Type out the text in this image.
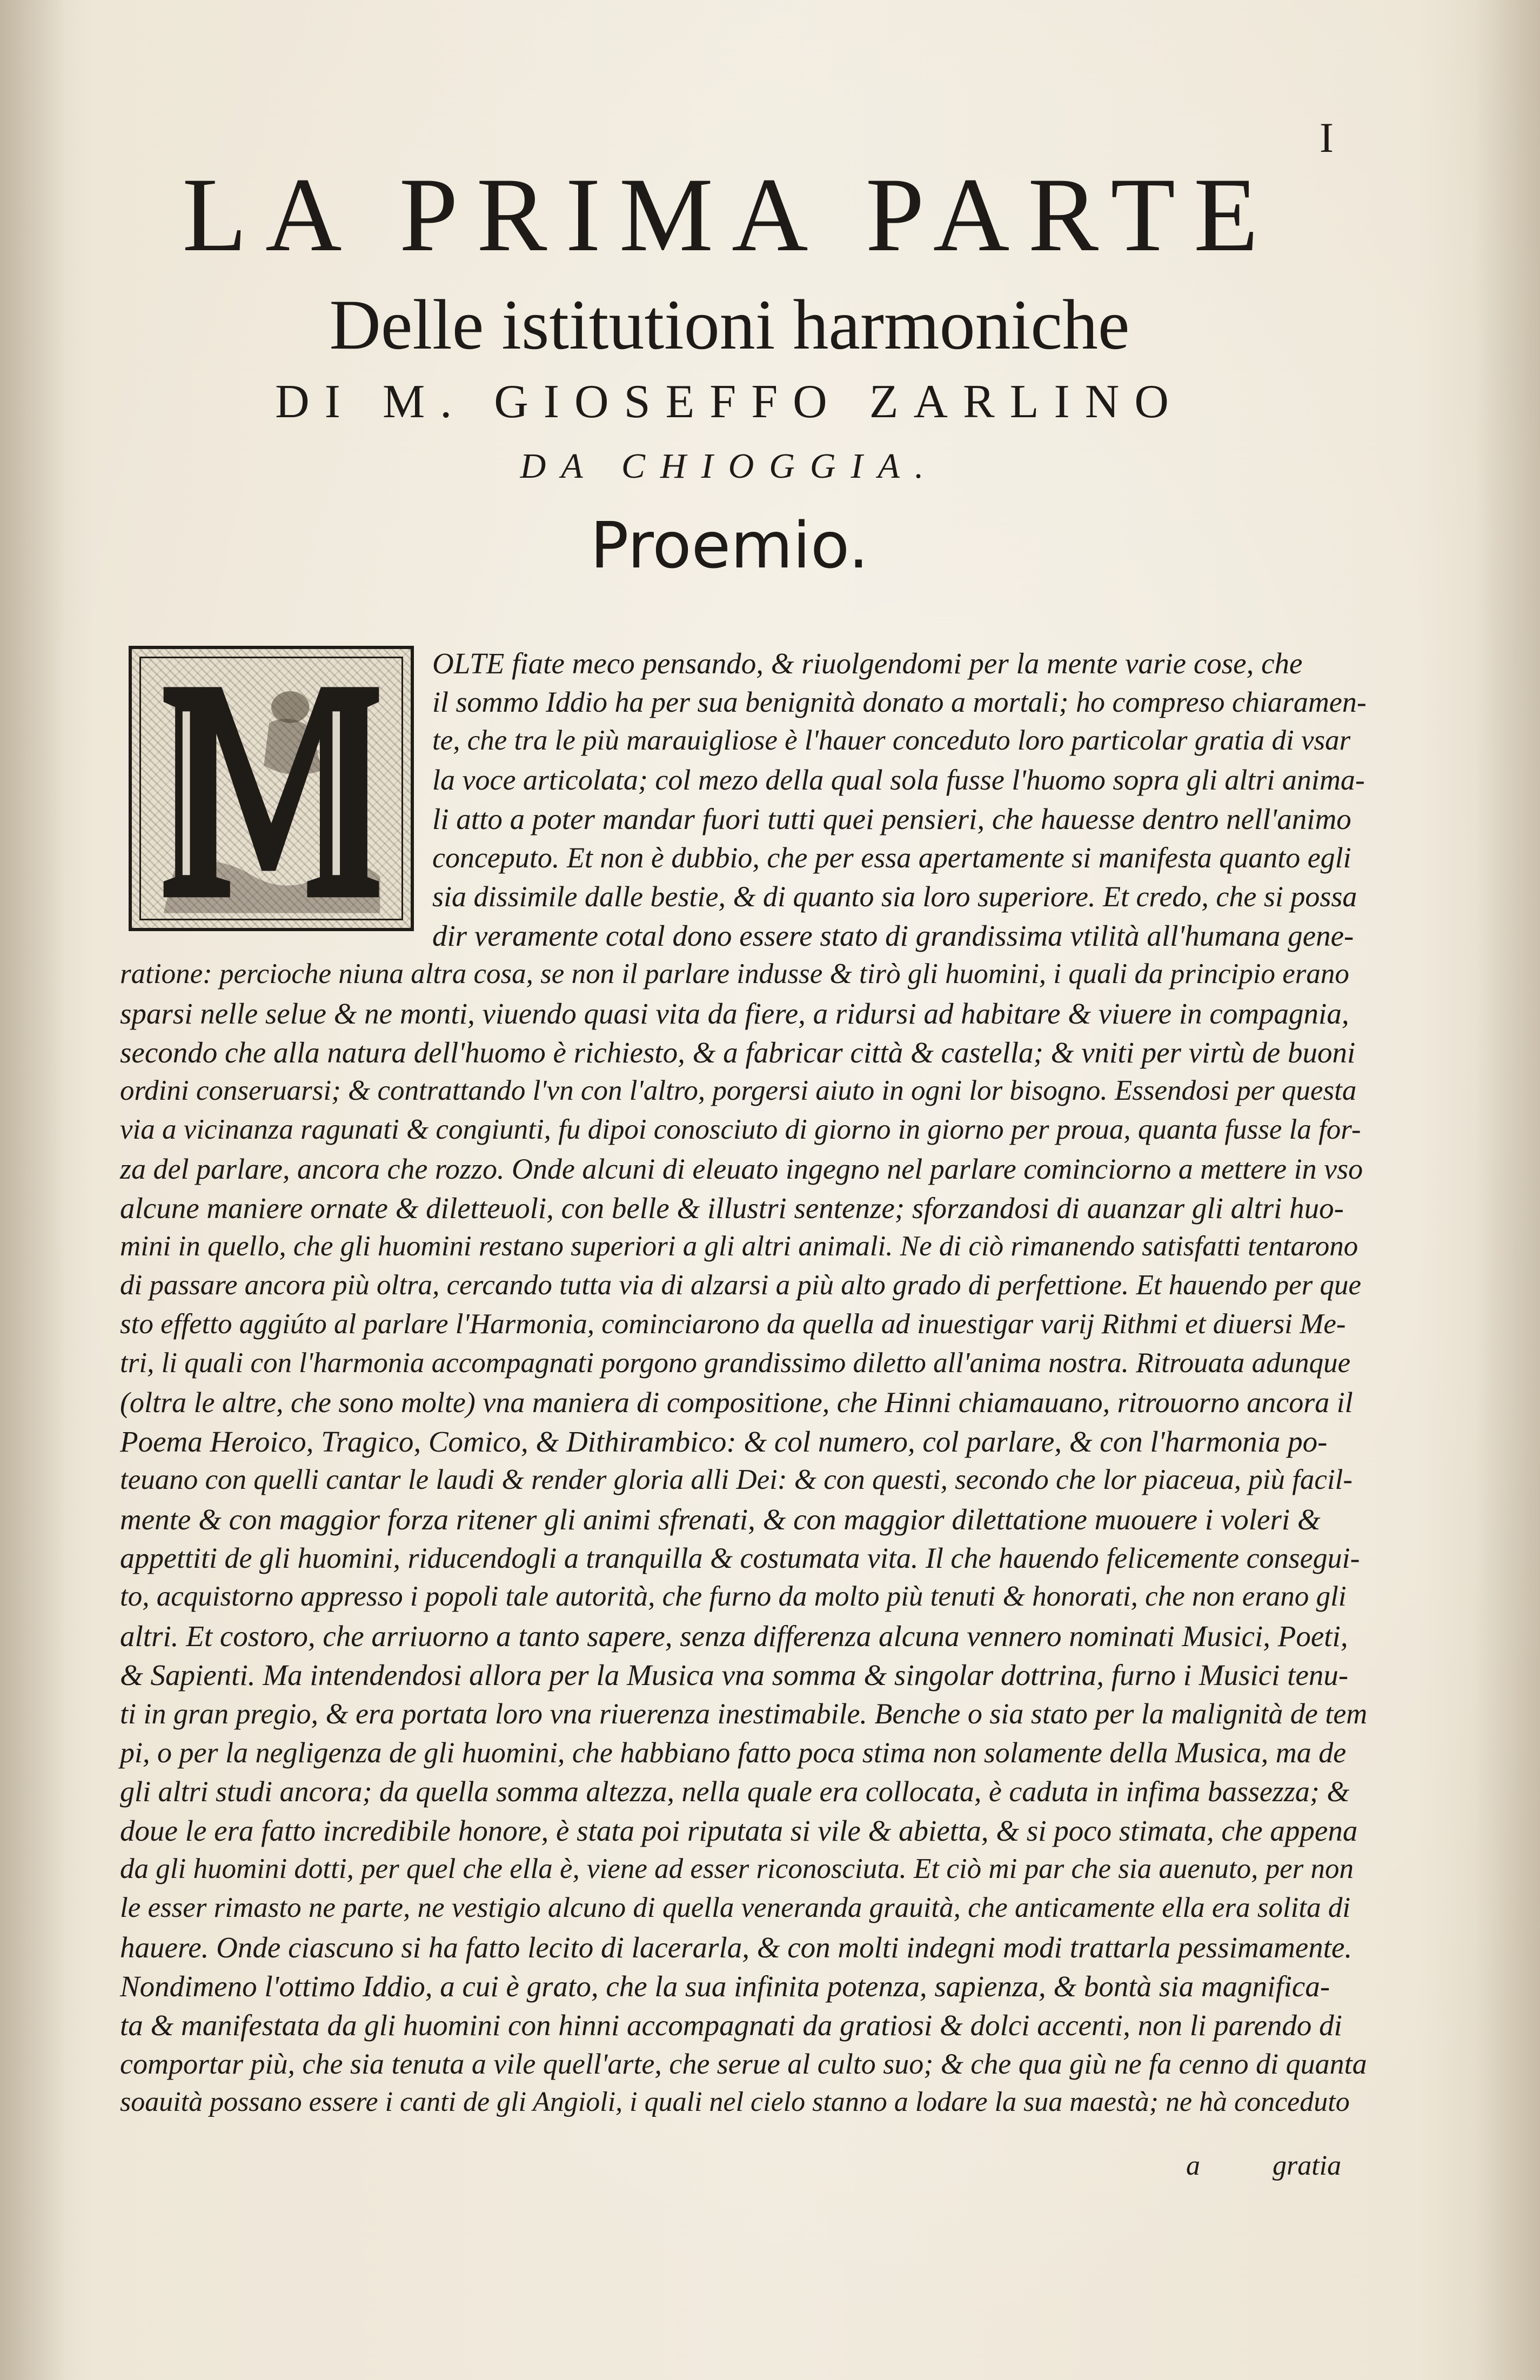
I
LA PRIMA PARTE
Delle istitutioni harmoniche
DI M. GIOSEFFO ZARLINO
DA CHIOGGIA.
Proemio.
OLTE fiate meco pensando, & riuolgendomi per la mente varie cose, che
il sommo Iddio ha per sua benignità donato a mortali; ho compreso chiaramen-
te, che tra le più marauigliose è l'hauer conceduto loro particolar gratia di vsar
la voce articolata; col mezo della qual sola fusse l'huomo sopra gli altri anima-
li atto a poter mandar fuori tutti quei pensieri, che hauesse dentro nell'animo
conceputo. Et non è dubbio, che per essa apertamente si manifesta quanto egli
sia dissimile dalle bestie, & di quanto sia loro superiore. Et credo, che si possa
dir veramente cotal dono essere stato di grandissima vtilità all'humana gene-
ratione: percioche niuna altra cosa, se non il parlare indusse & tirò gli huomini, i quali da principio erano
sparsi nelle selue & ne monti, viuendo quasi vita da fiere, a ridursi ad habitare & viuere in compagnia,
secondo che alla natura dell'huomo è richiesto, & a fabricar città & castella; & vniti per virtù de buoni
ordini conseruarsi; & contrattando l'vn con l'altro, porgersi aiuto in ogni lor bisogno. Essendosi per questa
via a vicinanza ragunati & congiunti, fu dipoi conosciuto di giorno in giorno per proua, quanta fusse la for-
za del parlare, ancora che rozzo. Onde alcuni di eleuato ingegno nel parlare cominciorno a mettere in vso
alcune maniere ornate & diletteuoli, con belle & illustri sentenze; sforzandosi di auanzar gli altri huo-
mini in quello, che gli huomini restano superiori a gli altri animali. Ne di ciò rimanendo satisfatti tentarono
di passare ancora più oltra, cercando tutta via di alzarsi a più alto grado di perfettione. Et hauendo per que
sto effetto aggiúto al parlare l'Harmonia, cominciarono da quella ad inuestigar varij Rithmi et diuersi Me-
tri, li quali con l'harmonia accompagnati porgono grandissimo diletto all'anima nostra. Ritrouata adunque
(oltra le altre, che sono molte) vna maniera di compositione, che Hinni chiamauano, ritrouorno ancora il
Poema Heroico, Tragico, Comico, & Dithirambico: & col numero, col parlare, & con l'harmonia po-
teuano con quelli cantar le laudi & render gloria alli Dei: & con questi, secondo che lor piaceua, più facil-
mente & con maggior forza ritener gli animi sfrenati, & con maggior dilettatione muouere i voleri &
appettiti de gli huomini, riducendogli a tranquilla & costumata vita. Il che hauendo felicemente consegui-
to, acquistorno appresso i popoli tale autorità, che furno da molto più tenuti & honorati, che non erano gli
altri. Et costoro, che arriuorno a tanto sapere, senza differenza alcuna vennero nominati Musici, Poeti,
& Sapienti. Ma intendendosi allora per la Musica vna somma & singolar dottrina, furno i Musici tenu-
ti in gran pregio, & era portata loro vna riuerenza inestimabile. Benche o sia stato per la malignità de tem
pi, o per la negligenza de gli huomini, che habbiano fatto poca stima non solamente della Musica, ma de
gli altri studi ancora; da quella somma altezza, nella quale era collocata, è caduta in infima bassezza; &
doue le era fatto incredibile honore, è stata poi riputata si vile & abietta, & si poco stimata, che appena
da gli huomini dotti, per quel che ella è, viene ad esser riconosciuta. Et ciò mi par che sia auenuto, per non
le esser rimasto ne parte, ne vestigio alcuno di quella veneranda grauità, che anticamente ella era solita di
hauere. Onde ciascuno si ha fatto lecito di lacerarla, & con molti indegni modi trattarla pessimamente.
Nondimeno l'ottimo Iddio, a cui è grato, che la sua infinita potenza, sapienza, & bontà sia magnifica-
ta & manifestata da gli huomini con hinni accompagnati da gratiosi & dolci accenti, non li parendo di
comportar più, che sia tenuta a vile quell'arte, che serue al culto suo; & che qua giù ne fa cenno di quanta
soauità possano essere i canti de gli Angioli, i quali nel cielo stanno a lodare la sua maestà; ne hà conceduto
a	gratia
